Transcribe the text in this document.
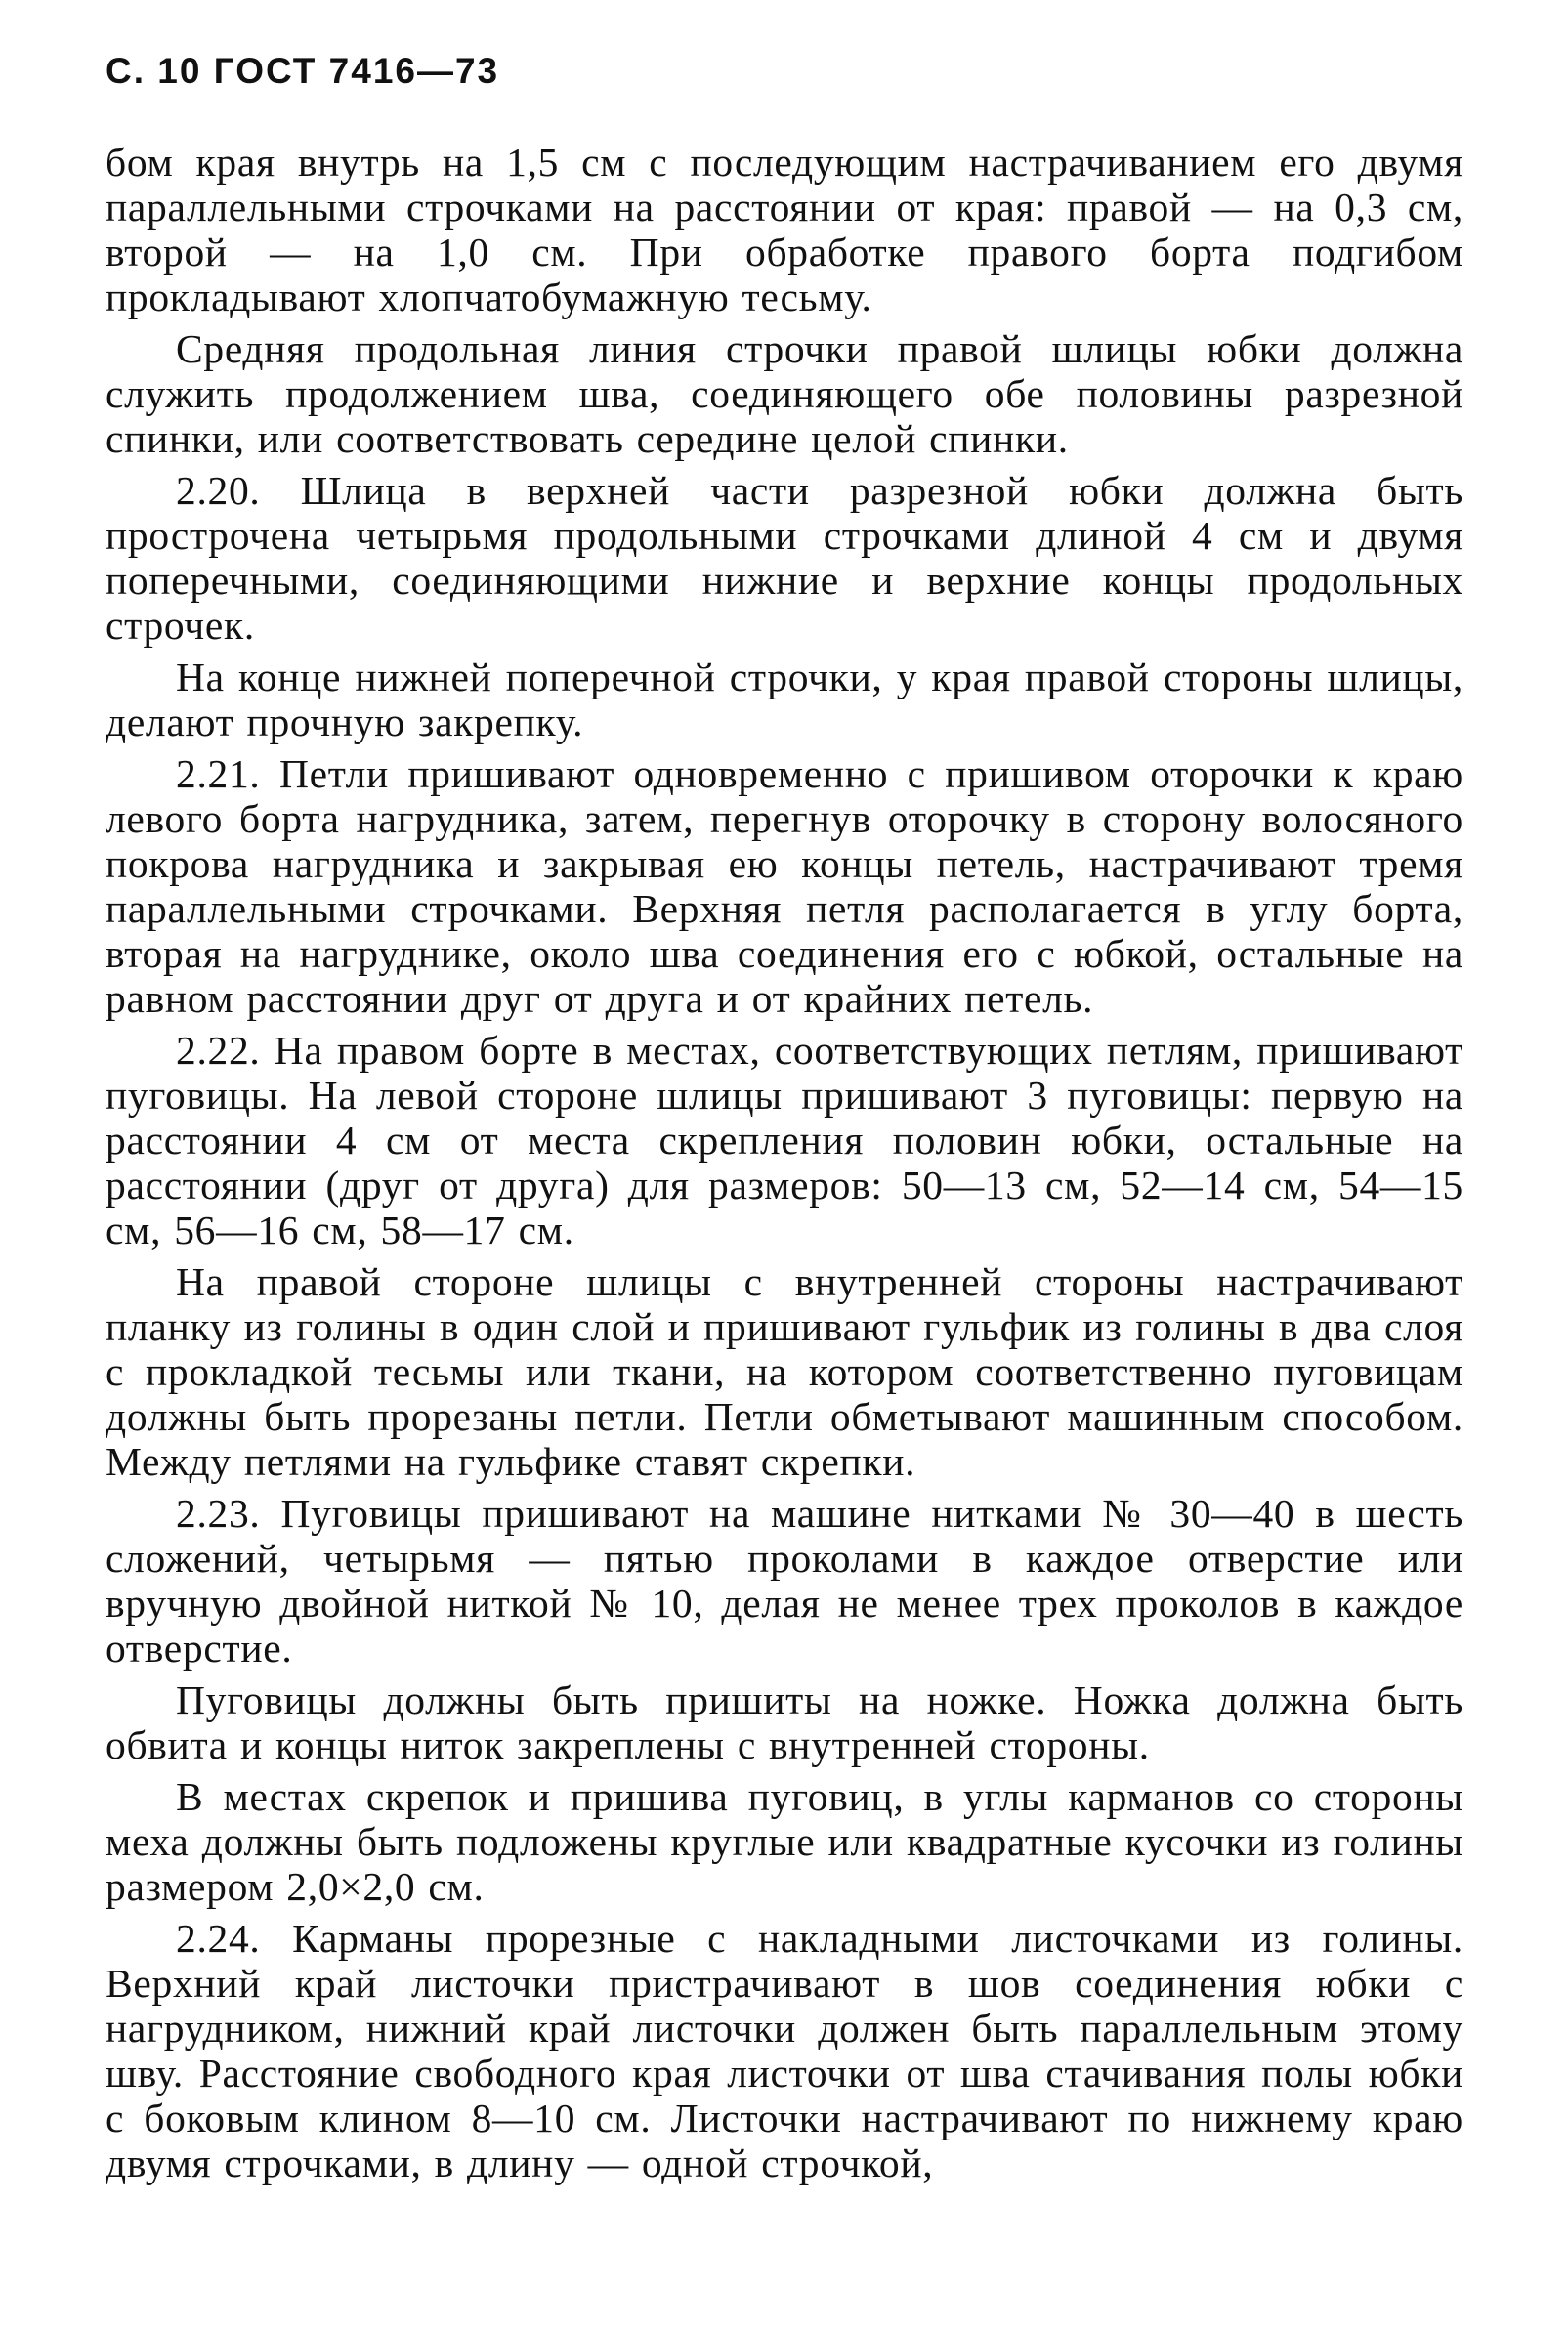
С. 10 ГОСТ 7416—73

бом края внутрь на 1,5 см с последующим настрачиванием его двумя параллельными строчками на расстоянии от края: правой — на 0,3 см, второй — на 1,0 см. При обработке правого борта подгибом прокладывают хлопчатобумажную тесьму.

Средняя продольная линия строчки правой шлицы юбки должна служить продолжением шва, соединяющего обе половины разрезной спинки, или соответствовать середине целой спинки.

2.20. Шлица в верхней части разрезной юбки должна быть прострочена четырьмя продольными строчками длиной 4 см и двумя поперечными, соединяющими нижние и верхние концы продольных строчек.

На конце нижней поперечной строчки, у края правой стороны шлицы, делают прочную закрепку.

2.21. Петли пришивают одновременно с пришивом оторочки к краю левого борта нагрудника, затем, перегнув оторочку в сторону волосяного покрова нагрудника и закрывая ею концы петель, настрачивают тремя параллельными строчками. Верхняя петля располагается в углу борта, вторая на нагруднике, около шва соединения его с юбкой, остальные на равном расстоянии друг от друга и от крайних петель.

2.22. На правом борте в местах, соответствующих петлям, пришивают пуговицы. На левой стороне шлицы пришивают 3 пуговицы: первую на расстоянии 4 см от места скрепления половин юбки, остальные на расстоянии (друг от друга) для размеров: 50—13 см, 52—14 см, 54—15 см, 56—16 см, 58—17 см.

На правой стороне шлицы с внутренней стороны настрачивают планку из голины в один слой и пришивают гульфик из голины в два слоя с прокладкой тесьмы или ткани, на котором соответственно пуговицам должны быть прорезаны петли. Петли обметывают машинным способом. Между петлями на гульфике ставят скрепки.

2.23. Пуговицы пришивают на машине нитками № 30—40 в шесть сложений, четырьмя — пятью проколами в каждое отверстие или вручную двойной ниткой № 10, делая не менее трех проколов в каждое отверстие.

Пуговицы должны быть пришиты на ножке. Ножка должна быть обвита и концы ниток закреплены с внутренней стороны.

В местах скрепок и пришива пуговиц, в углы карманов со стороны меха должны быть подложены круглые или квадратные кусочки из голины размером 2,0×2,0 см.

2.24. Карманы прорезные с накладными листочками из голины. Верхний край листочки пристрачивают в шов соединения юбки с нагрудником, нижний край листочки должен быть параллельным этому шву. Расстояние свободного края листочки от шва стачивания полы юбки с боковым клином 8—10 см. Листочки настрачивают по нижнему краю двумя строчками, в длину — одной строчкой,
